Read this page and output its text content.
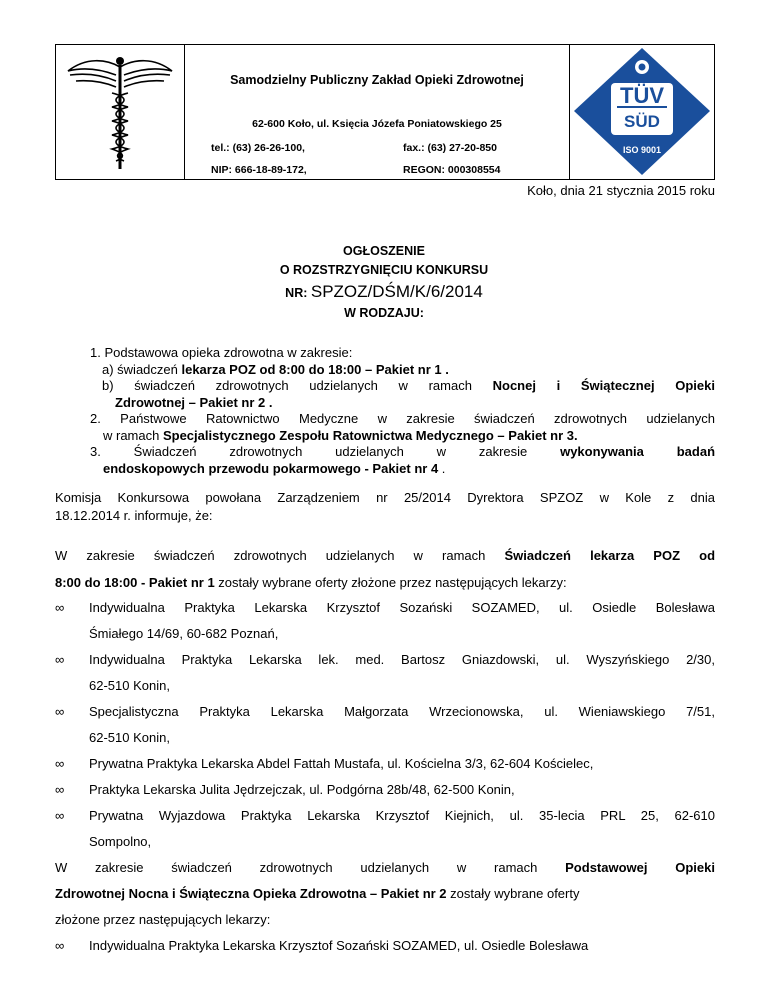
Samodzielny Publiczny Zakład Opieki Zdrowotnej
62-600 Koło, ul. Księcia Józefa Poniatowskiego 25
tel.: (63) 26-26-100,	fax.: (63) 27-20-850
NIP: 666-18-89-172,	REGON: 000308554
TÜV
SÜD
ISO 9001
Koło, dnia 21 stycznia 2015 roku
OGŁOSZENIE
O ROZSTRZYGNIĘCIU KONKURSU
NR: SPZOZ/DŚM/K/6/2014
W RODZAJU:
1. Podstawowa opieka zdrowotna w zakresie:
a) świadczeń lekarza POZ od 8:00 do 18:00 – Pakiet nr 1 .
b) świadczeń zdrowotnych udzielanych w ramach Nocnej i Świątecznej Opieki
Zdrowotnej – Pakiet nr 2 .
2. Państwowe Ratownictwo Medyczne w zakresie świadczeń zdrowotnych udzielanych
w ramach Specjalistycznego Zespołu Ratownictwa Medycznego – Pakiet nr 3.
3. Świadczeń zdrowotnych udzielanych w zakresie wykonywania badań
endoskopowych przewodu pokarmowego - Pakiet nr 4 .
Komisja Konkursowa powołana Zarządzeniem nr 25/2014 Dyrektora SPZOZ w Kole z dnia
18.12.2014 r. informuje, że:
W zakresie świadczeń zdrowotnych udzielanych w ramach Świadczeń lekarza POZ od
8:00 do 18:00 - Pakiet nr 1 zostały wybrane oferty złożone przez następujących lekarzy:
∞ Indywidualna Praktyka Lekarska Krzysztof Sozański SOZAMED, ul. Osiedle Bolesława
Śmiałego 14/69, 60-682 Poznań,
∞ Indywidualna Praktyka Lekarska lek. med. Bartosz Gniazdowski, ul. Wyszyńskiego 2/30,
62-510 Konin,
∞ Specjalistyczna Praktyka Lekarska Małgorzata Wrzecionowska, ul. Wieniawskiego 7/51,
62-510 Konin,
∞ Prywatna Praktyka Lekarska Abdel Fattah Mustafa, ul. Kościelna 3/3, 62-604 Kościelec,
∞ Praktyka Lekarska Julita Jędrzejczak, ul. Podgórna 28b/48, 62-500 Konin,
∞ Prywatna Wyjazdowa Praktyka Lekarska Krzysztof Kiejnich, ul. 35-lecia PRL 25, 62-610
Sompolno,
W zakresie świadczeń zdrowotnych udzielanych w ramach Podstawowej Opieki
Zdrowotnej Nocna i Świąteczna Opieka Zdrowotna – Pakiet nr 2 zostały wybrane oferty
złożone przez następujących lekarzy:
∞ Indywidualna Praktyka Lekarska Krzysztof Sozański SOZAMED, ul. Osiedle Bolesława
